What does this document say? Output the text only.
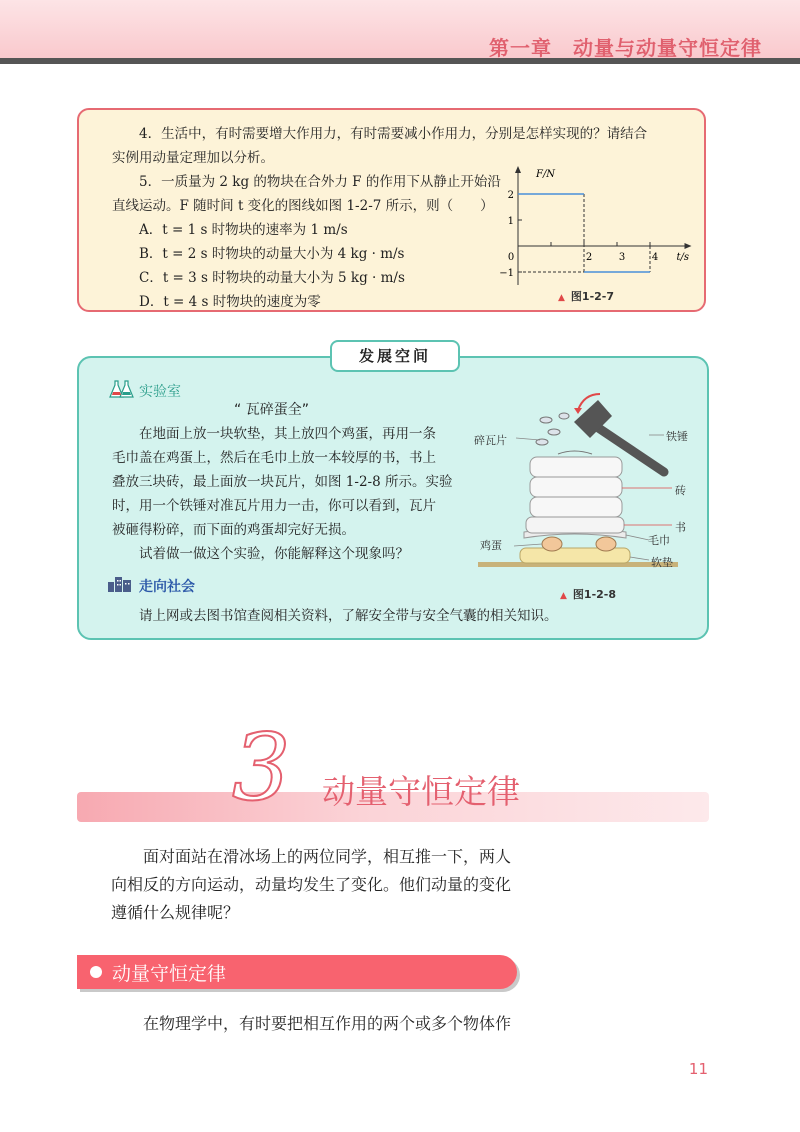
第一章　动量与动量守恒定律
4．生活中，有时需要增大作用力，有时需要减小作用力，分别是怎样实现的？请结合
实例用动量定理加以分析。
5．一质量为 2 kg 的物块在合外力 F 的作用下从静止开始沿
直线运动。F 随时间 t 变化的图线如图 1-2-7 所示，则（　　）
A．t = 1 s 时物块的速率为 1 m/s
B．t = 2 s 时物块的动量大小为 4 kg · m/s
C．t = 3 s 时物块的动量大小为 5 kg · m/s
D．t = 4 s 时物块的速度为零
F/N
t/s
2
1
−1
0	2	3	4
▲ 图1-2-7
发展空间
实验室
“ 瓦碎蛋全”
在地面上放一块软垫，其上放四个鸡蛋，再用一条
毛巾盖在鸡蛋上，然后在毛巾上放一本较厚的书，书上
叠放三块砖，最上面放一块瓦片，如图 1-2-8 所示。实验
时，用一个铁锤对准瓦片用力一击，你可以看到，瓦片
被砸得粉碎，而下面的鸡蛋却完好无损。
试着做一做这个实验，你能解释这个现象吗？
碎瓦片	铁锤
砖
书
毛巾
鸡蛋
软垫
▲ 图1-2-8
走向社会
请上网或去图书馆查阅相关资料，了解安全带与安全气囊的相关知识。
3 动量守恒定律
面对面站在滑冰场上的两位同学，相互推一下，两人
向相反的方向运动，动量均发生了变化。他们动量的变化
遵循什么规律呢？
动量守恒定律
在物理学中，有时要把相互作用的两个或多个物体作
11
